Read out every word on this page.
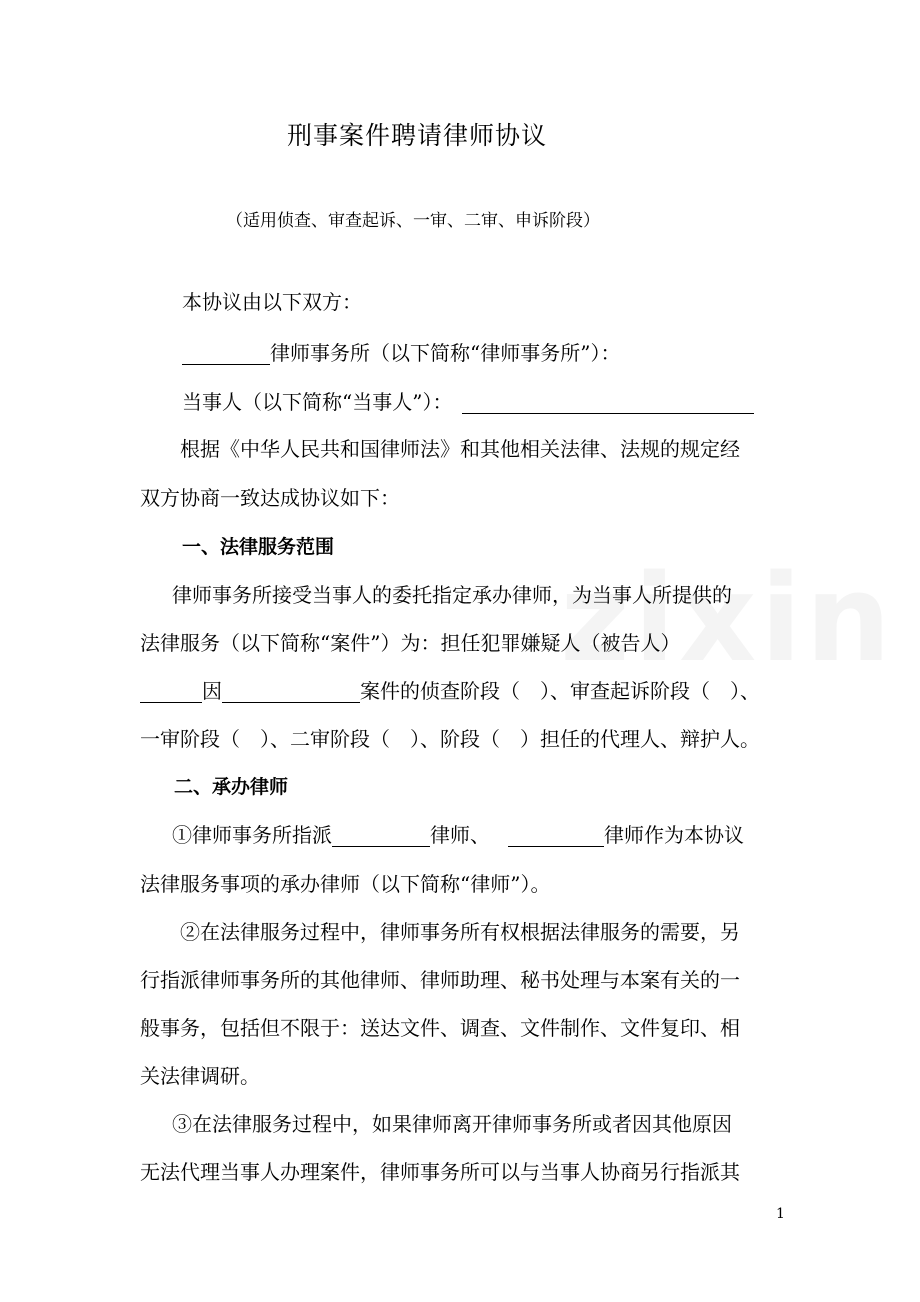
刑事案件聘请律师协议
（适用侦查、审查起诉、一审、二审、申诉阶段）
本协议由以下双方：
律师事务所（以下简称“律师事务所”）：
当事人（以下简称“当事人”）：
根据《中华人民共和国律师法》和其他相关法律、法规的规定经
双方协商一致达成协议如下：
一、法律服务范围
律师事务所接受当事人的委托指定承办律师，为当事人所提供的
法律服务（以下简称“案件”）为：担任犯罪嫌疑人（被告人）
因	案件的侦查阶段（　）、审查起诉阶段（　）、
一审阶段（　）、二审阶段（　）、阶段（　）担任的代理人、辩护人。
二、承办律师
①律师事务所指派	律师、	律师作为本协议
法律服务事项的承办律师（以下简称“律师”）。
②在法律服务过程中，律师事务所有权根据法律服务的需要，另
行指派律师事务所的其他律师、律师助理、秘书处理与本案有关的一
般事务，包括但不限于：送达文件、调查、文件制作、文件复印、相
关法律调研。
③在法律服务过程中，如果律师离开律师事务所或者因其他原因
无法代理当事人办理案件，律师事务所可以与当事人协商另行指派其
1
